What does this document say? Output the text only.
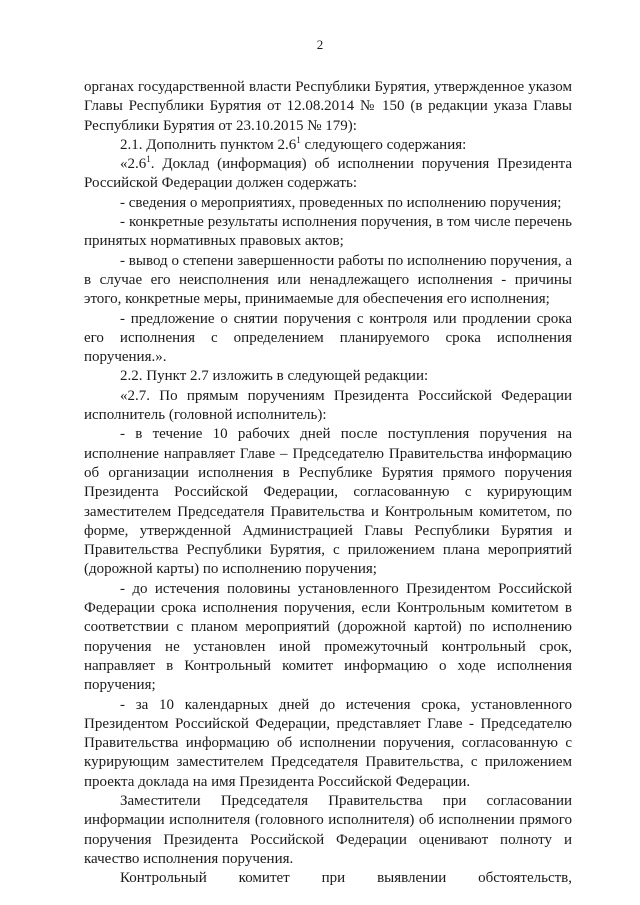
2

органах государственной власти Республики Бурятия, утвержденное указом Главы Республики Бурятия от 12.08.2014 № 150 (в редакции указа Главы Республики Бурятия от 23.10.2015 № 179):

2.1. Дополнить пунктом $2.6^1$ следующего содержания:

«$2.6^1$. Доклад (информация) об исполнении поручения Президента Российской Федерации должен содержать:

- сведения о мероприятиях, проведенных по исполнению поручения;

- конкретные результаты исполнения поручения, в том числе перечень принятых нормативных правовых актов;

- вывод о степени завершенности работы по исполнению поручения, а в случае его неисполнения или ненадлежащего исполнения - причины этого, конкретные меры, принимаемые для обеспечения его исполнения;

- предложение о снятии поручения с контроля или продлении срока его исполнения с определением планируемого срока исполнения поручения.».

2.2. Пункт 2.7 изложить в следующей редакции:

«2.7. По прямым поручениям Президента Российской Федерации исполнитель (головной исполнитель):

- в течение 10 рабочих дней после поступления поручения на исполнение направляет Главе – Председателю Правительства информацию об организации исполнения в Республике Бурятия прямого поручения Президента Российской Федерации, согласованную с курирующим заместителем Председателя Правительства и Контрольным комитетом, по форме, утвержденной Администрацией Главы Республики Бурятия и Правительства Республики Бурятия, с приложением плана мероприятий (дорожной карты) по исполнению поручения;

- до истечения половины установленного Президентом Российской Федерации срока исполнения поручения, если Контрольным комитетом в соответствии с планом мероприятий (дорожной картой) по исполнению поручения не установлен иной промежуточный контрольный срок, направляет в Контрольный комитет информацию о ходе исполнения поручения;

- за 10 календарных дней до истечения срока, установленного Президентом Российской Федерации, представляет Главе - Председателю Правительства информацию об исполнении поручения, согласованную с курирующим заместителем Председателя Правительства, с приложением проекта доклада на имя Президента Российской Федерации.

Заместители Председателя Правительства при согласовании информации исполнителя (головного исполнителя) об исполнении прямого поручения Президента Российской Федерации оценивают полноту и качество исполнения поручения.

Контрольный комитет при выявлении обстоятельств,
